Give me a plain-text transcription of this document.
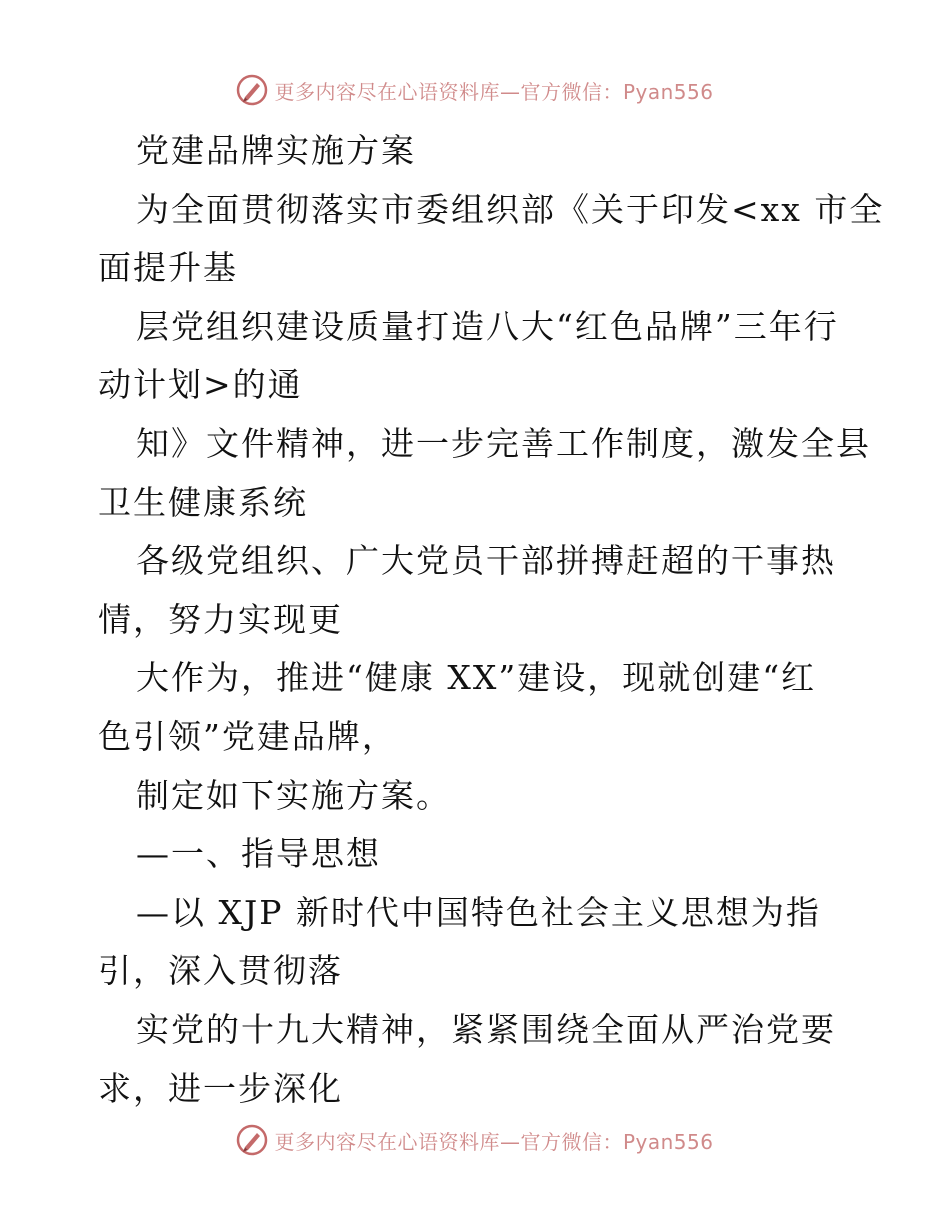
更多内容尽在心语资料库—官方微信：Pyan556
党建品牌实施方案
为全面贯彻落实市委组织部《关于印发<xx 市全
面提升基
层党组织建设质量打造八大“红色品牌”三年行
动计划>的通
知》文件精神，进一步完善工作制度，激发全县
卫生健康系统
各级党组织、广大党员干部拼搏赶超的干事热
情，努力实现更
大作为，推进“健康 XX”建设，现就创建“红
色引领”党建品牌，
制定如下实施方案。
—一、指导思想
—以 XJP 新时代中国特色社会主义思想为指
引，深入贯彻落
实党的十九大精神，紧紧围绕全面从严治党要
求，进一步深化
更多内容尽在心语资料库—官方微信：Pyan556
